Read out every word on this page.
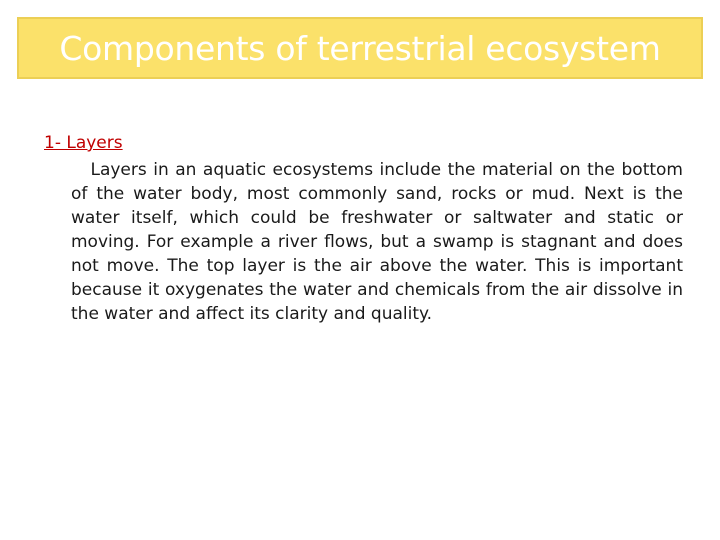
Components of terrestrial ecosystem
1- Layers

Layers in an aquatic ecosystems include the material on the bottom of the water body, most commonly sand, rocks or mud. Next is the water itself, which could be freshwater or saltwater and static or moving. For example a river flows, but a swamp is stagnant and does not move. The top layer is the air above the water. This is important because it oxygenates the water and chemicals from the air dissolve in the water and affect its clarity and quality.
